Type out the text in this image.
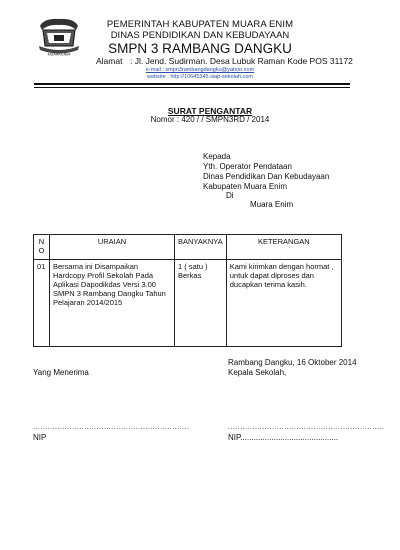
MUARA ENIM
PEMERINTAH KABUPATEN MUARA ENIM
DINAS PENDIDIKAN DAN KEBUDAYAAN
SMPN 3 RAMBANG DANGKU
Alamat : Jl. Jend. Sudirman. Desa Lubuk Raman Kode POS 31172
e-mail : smpn3rambangdangku@yahoo.com
website : http://10645345.siap-sekolah.com
SURAT PENGANTAR
Nomor : 420 / / SMPN3RD / 2014
Kepada
Yth. Operator Pendataan
Dinas Pendidikan Dan Kebudayaan
Kabupaten Muara Enim
Di
Muara Enim
N O	URAIAN	BANYAKNYA	KETERANGAN
01	Bersama ini Disampaikan Hardcopy Profil Sekolah Pada Aplikasi Dapodikdas Versi 3.00 SMPN 3 Rambang Dangku Tahun Pelajaran 2014/2015	1 ( satu ) Berkas	Kami kirimkan dengan hormat , untuk dapat diproses dan ducapkan terima kasih.
Rambang Dangku, 16 Oktober 2014
Kepala Sekolah,
Yang Menerima
................................................................
NIP
................................................................
NIP............................................
